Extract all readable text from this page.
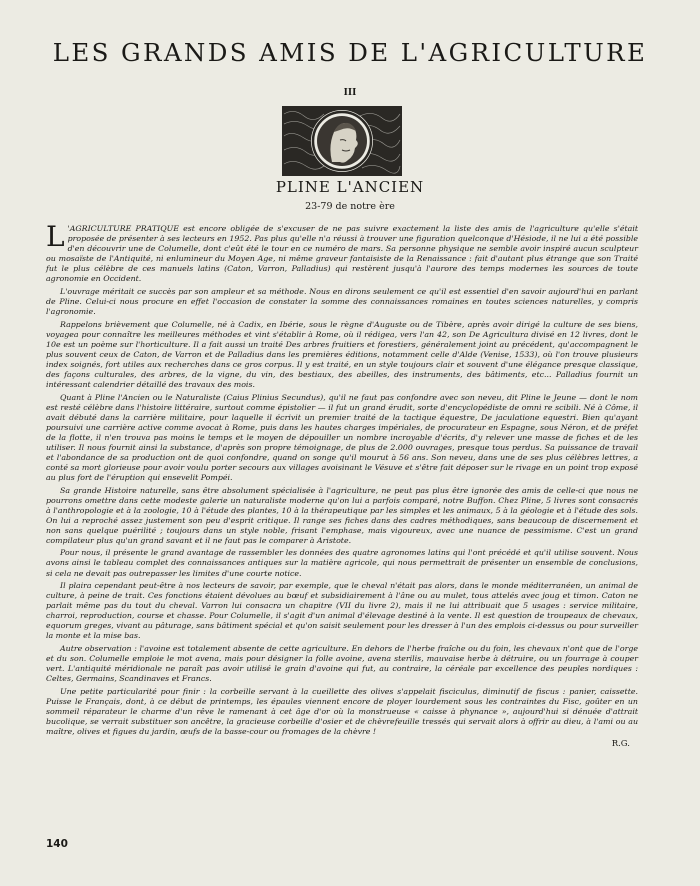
LES GRANDS AMIS DE L'AGRICULTURE
III
PLINE L'ANCIEN
23-79 de notre ère

L 'AGRICULTURE PRATIQUE est encore obligée de s'excuser de ne pas suivre exactement la liste des amis de l'agriculture qu'elle s'était proposée de présenter à ses lecteurs en 1952. Pas plus qu'elle n'a réussi à trouver une figuration quelconque d'Hésiode, il ne lui a été possible d'en découvrir une de Columelle, dont c'eût été le tour en ce numéro de mars. Sa personne physique ne semble avoir inspiré aucun sculpteur ou mosaïste de l'Antiquité, ni enlumineur du Moyen Age, ni même graveur fantaisiste de la Renaissance : fait d'autant plus étrange que son Traité fut le plus célèbre de ces manuels latins (Caton, Varron, Palladius) qui restèrent jusqu'à l'aurore des temps modernes les sources de toute agronomie en Occident.

L'ouvrage méritait ce succès par son ampleur et sa méthode. Nous en dirons seulement ce qu'il est essentiel d'en savoir aujourd'hui en parlant de Pline. Celui-ci nous procure en effet l'occasion de constater la somme des connaissances romaines en toutes sciences naturelles, y compris l'agronomie.

Rappelons brièvement que Columelle, né à Cadix, en Ibérie, sous le règne d'Auguste ou de Tibère, après avoir dirigé la culture de ses biens, voyagea pour connaître les meilleures méthodes et vint s'établir à Rome, où il rédigea, vers l'an 42, son De Agricultura divisé en 12 livres, dont le 10e est un poème sur l'horticulture. Il a fait aussi un traité Des arbres fruitiers et forestiers, généralement joint au précédent, qu'accompagnent le plus souvent ceux de Caton, de Varron et de Palladius dans les premières éditions, notamment celle d'Alde (Venise, 1533), où l'on trouve plusieurs index soignés, fort utiles aux recherches dans ce gros corpus. Il y est traité, en un style toujours clair et souvent d'une élégance presque classique, des façons culturales, des arbres, de la vigne, du vin, des bestiaux, des abeilles, des instruments, des bâtiments, etc... Palladius fournit un intéressant calendrier détaillé des travaux des mois.

Quant à Pline l'Ancien ou le Naturaliste (Caius Plinius Secundus), qu'il ne faut pas confondre avec son neveu, dit Pline le Jeune — dont le nom est resté célèbre dans l'histoire littéraire, surtout comme épistolier — il fut un grand érudit, sorte d'encyclopédiste de omni re scibili. Né à Côme, il avait débuté dans la carrière militaire, pour laquelle il écrivit un premier traité de la tactique équestre, De jaculatione equestri. Bien qu'ayant poursuivi une carrière active comme avocat à Rome, puis dans les hautes charges impériales, de procurateur en Espagne, sous Néron, et de préfet de la flotte, il n'en trouva pas moins le temps et le moyen de dépouiller un nombre incroyable d'écrits, d'y relever une masse de fiches et de les utiliser. Il nous fournit ainsi la substance, d'après son propre témoignage, de plus de 2.000 ouvrages, presque tous perdus. Sa puissance de travail et l'abondance de sa production ont de quoi confondre, quand on songe qu'il mourut à 56 ans. Son neveu, dans une de ses plus célèbres lettres, a conté sa mort glorieuse pour avoir voulu porter secours aux villages avoisinant le Vésuve et s'être fait déposer sur le rivage en un point trop exposé au plus fort de l'éruption qui ensevelit Pompéi.

Sa grande Histoire naturelle, sans être absolument spécialisée à l'agriculture, ne peut pas plus être ignorée des amis de celle-ci que nous ne pourrons omettre dans cette modeste galerie un naturaliste moderne qu'on lui a parfois comparé, notre Buffon. Chez Pline, 5 livres sont consacrés à l'anthropologie et à la zoologie, 10 à l'étude des plantes, 10 à la thérapeutique par les simples et les animaux, 5 à la géologie et à l'étude des sols. On lui a reproché assez justement son peu d'esprit critique. Il range ses fiches dans des cadres méthodiques, sans beaucoup de discernement et non sans quelque puérilité ; toujours dans un style noble, frisant l'emphase, mais vigoureux, avec une nuance de pessimisme. C'est un grand compilateur plus qu'un grand savant et il ne faut pas le comparer à Aristote.

Pour nous, il présente le grand avantage de rassembler les données des quatre agronomes latins qui l'ont précédé et qu'il utilise souvent. Nous avons ainsi le tableau complet des connaissances antiques sur la matière agricole, qui nous permettrait de présenter un ensemble de conclusions, si cela ne devait pas outrepasser les limites d'une courte notice.

Il plaira cependant peut-être à nos lecteurs de savoir, par exemple, que le cheval n'était pas alors, dans le monde méditerranéen, un animal de culture, à peine de trait. Ces fonctions étaient dévolues au bœuf et subsidiairement à l'âne ou au mulet, tous attelés avec joug et timon. Caton ne parlait même pas du tout du cheval. Varron lui consacra un chapitre (VII du livre 2), mais il ne lui attribuait que 5 usages : service militaire, charroi, reproduction, course et chasse. Pour Columelle, il s'agit d'un animal d'élevage destiné à la vente. Il est question de troupeaux de chevaux, equorum greges, vivant au pâturage, sans bâtiment spécial et qu'on saisit seulement pour les dresser à l'un des emplois ci-dessus ou pour surveiller la monte et la mise bas.

Autre observation : l'avoine est totalement absente de cette agriculture. En dehors de l'herbe fraîche ou du foin, les chevaux n'ont que de l'orge et du son. Columelle emploie le mot avena, mais pour désigner la folle avoine, avena sterilis, mauvaise herbe à détruire, ou un fourrage à couper vert. L'antiquité méridionale ne paraît pas avoir utilisé le grain d'avoine qui fut, au contraire, la céréale par excellence des peuples nordiques : Celtes, Germains, Scandinaves et Francs.

Une petite particularité pour finir : la corbeille servant à la cueillette des olives s'appelait fisciculus, diminutif de fiscus : panier, caissette. Puisse le Français, dont, à ce début de printemps, les épaules viennent encore de ployer lourdement sous les contraintes du Fisc, goûter en un sommeil réparateur le charme d'un rêve le ramenant à cet âge d'or où la monstrueuse « caisse à phynance », aujourd'hui si dénuée d'attrait bucolique, se verrait substituer son ancêtre, la gracieuse corbeille d'osier et de chèvrefeuille tressés qui servait alors à offrir au dieu, à l'ami ou au maître, olives et figues du jardin, œufs de la basse-cour ou fromages de la chèvre !

R.G.
140
